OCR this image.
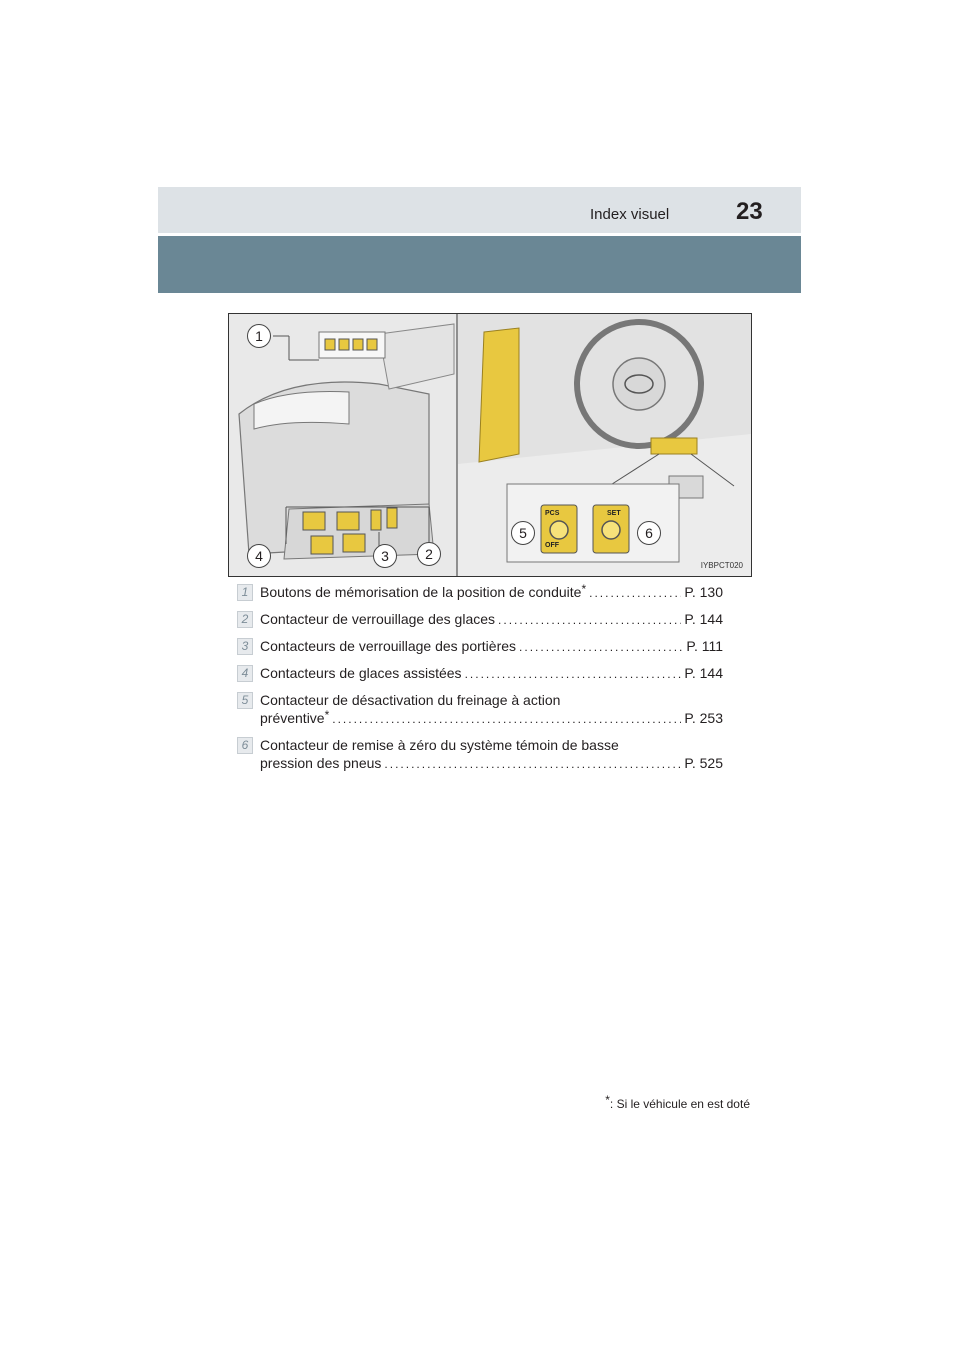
Index visuel	23
1
2
3
4
5	6
PCS
OFF
SET
IYBPCT020
1 Boutons de mémorisation de la position de conduite * .....	P. 130
2 Contacteur de verrouillage des glaces .....	P. 144
3 Contacteurs de verrouillage des portières .....	P. 111
4 Contacteurs de glaces assistées .....	P. 144
5 Contacteur de désactivation du freinage à action
préventive * .....	P. 253
6 Contacteur de remise à zéro du système témoin de basse
pression des pneus .....	P. 525
*: Si le véhicule en est doté
